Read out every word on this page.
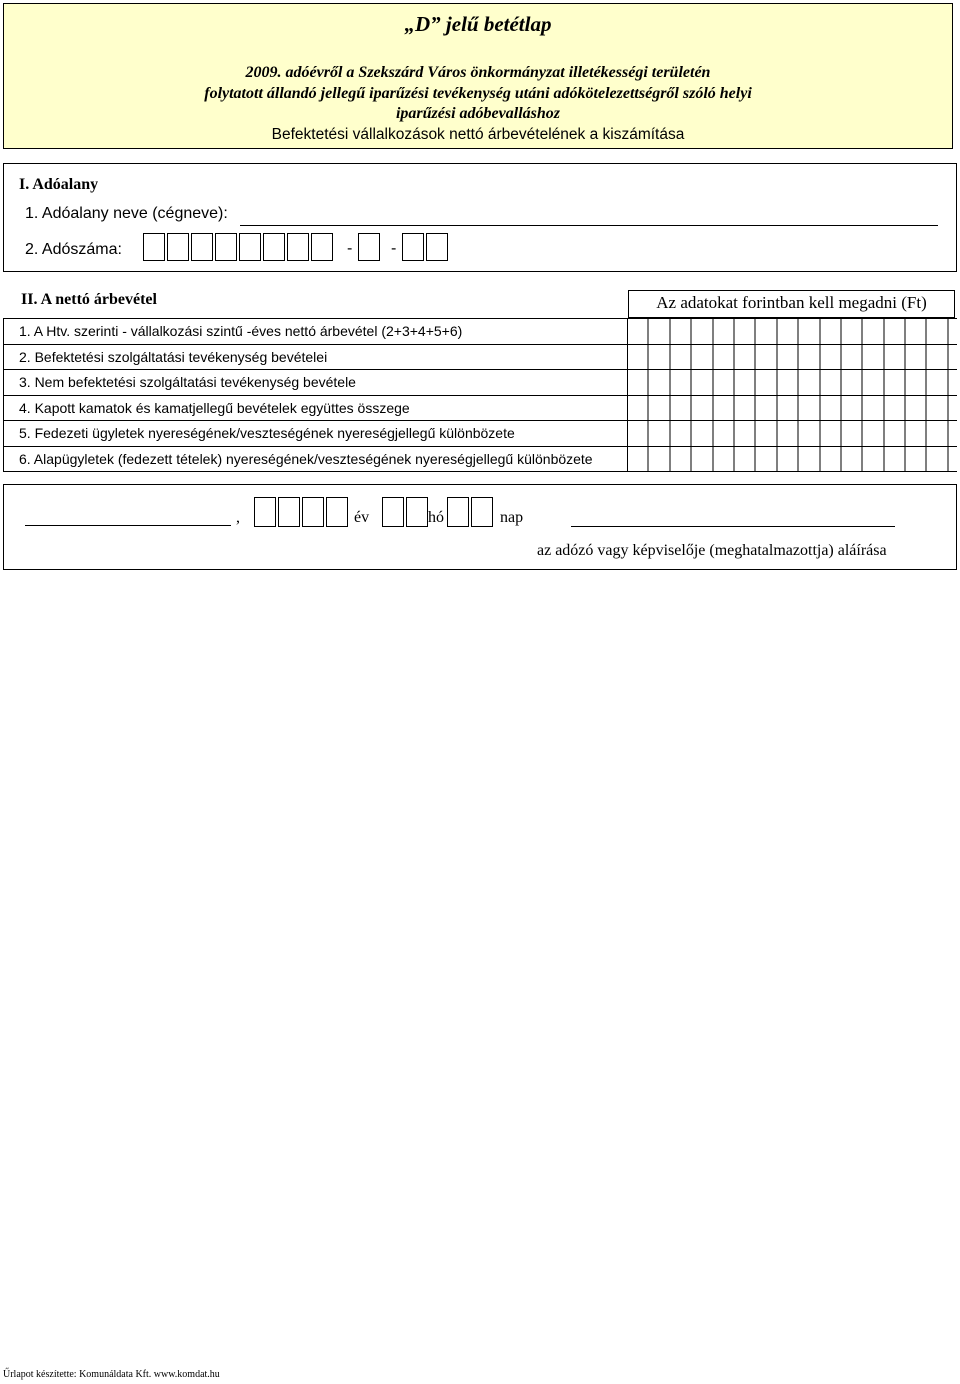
„D” jelű betétlap
2009. adóévről a Szekszárd Város önkormányzat illetékességi területén
folytatott állandó jellegű iparűzési tevékenység utáni adókötelezettségről szóló helyi
iparűzési adóbevalláshoz
Befektetési vállalkozások nettó árbevételének a kiszámítása
I. Adóalany
1. Adóalany neve (cégneve):
2. Adószáma:	- -
II. A nettó árbevétel	Az adatokat forintban kell megadni (Ft)
1. A Htv. szerinti - vállalkozási szintű -éves nettó árbevétel (2+3+4+5+6)
2. Befektetési szolgáltatási tevékenység bevételei
3. Nem befektetési szolgáltatási tevékenység bevétele
4. Kapott kamatok és kamatjellegű bevételek együttes összege
5. Fedezeti ügyletek nyereségének/veszteségének nyereségjellegű különbözete
6. Alapügyletek (fedezett tételek) nyereségének/veszteségének nyereségjellegű különbözete
,	év	hó	nap
az adózó vagy képviselője (meghatalmazottja) aláírása
Űrlapot készítette: Komunáldata Kft. www.komdat.hu
